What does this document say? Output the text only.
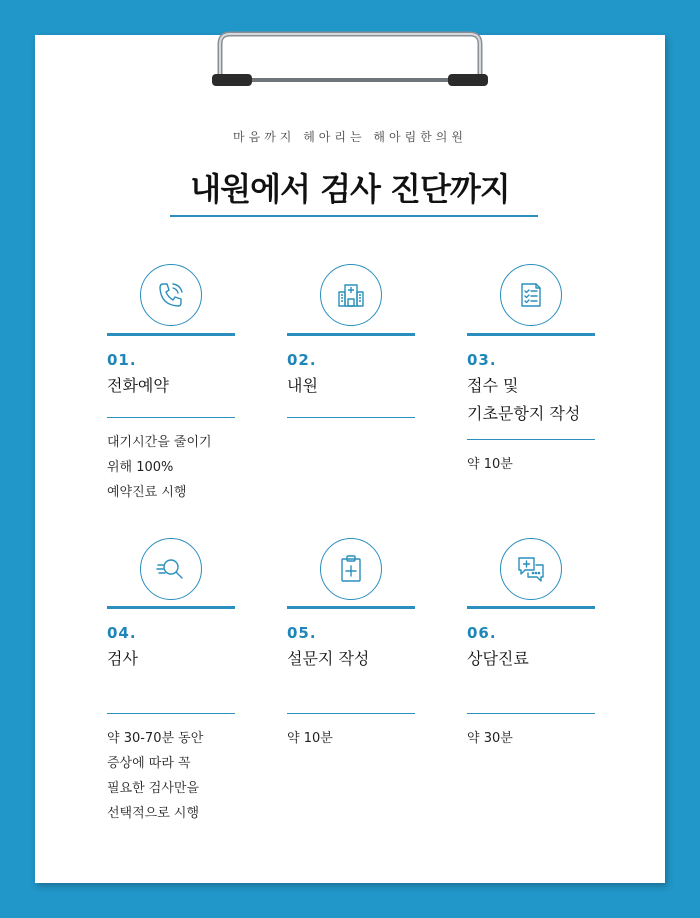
마음까지 헤아리는 해아림한의원
내원에서 검사 진단까지
01.
전화예약
대기시간을 줄이기
위해 100%
예약진료 시행
02.
내원
03.
접수 및
기초문항지 작성
약 10분
04.
검사
약 30-70분 동안
증상에 따라 꼭
필요한 검사만을
선택적으로 시행
05.
설문지 작성
약 10분
06.
상담진료
약 30분
